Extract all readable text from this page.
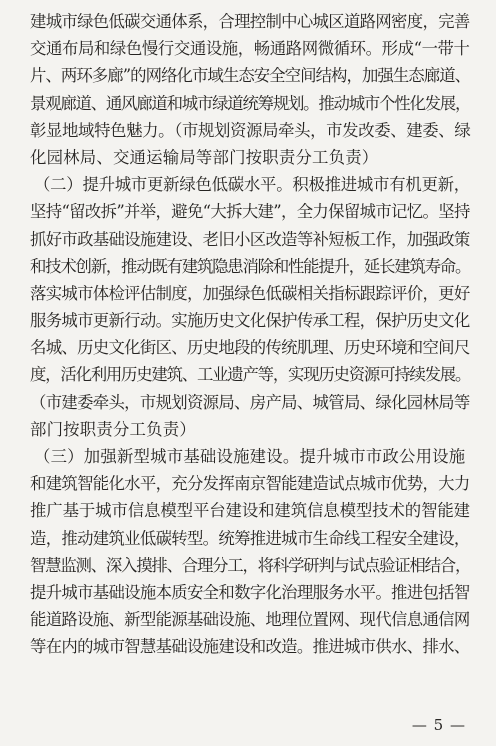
建城市绿色低碳交通体系，合理控制中心城区道路网密度，完善
交通布局和绿色慢行交通设施，畅通路网微循环。形成“一带十
片、两环多廊”的网络化市域生态安全空间结构，加强生态廊道、
景观廊道、通风廊道和城市绿道统筹规划。推动城市个性化发展，
彰显地域特色魅力。（市规划资源局牵头，市发改委、建委、绿
化园林局、交通运输局等部门按职责分工负责）
（二）提升城市更新绿色低碳水平。积极推进城市有机更新，
坚持“留改拆”并举，避免“大拆大建”，全力保留城市记忆。坚持
抓好市政基础设施建设、老旧小区改造等补短板工作，加强政策
和技术创新，推动既有建筑隐患消除和性能提升，延长建筑寿命。
落实城市体检评估制度，加强绿色低碳相关指标跟踪评价，更好
服务城市更新行动。实施历史文化保护传承工程，保护历史文化
名城、历史文化街区、历史地段的传统肌理、历史环境和空间尺
度，活化利用历史建筑、工业遗产等，实现历史资源可持续发展。
（市建委牵头，市规划资源局、房产局、城管局、绿化园林局等
部门按职责分工负责）
（三）加强新型城市基础设施建设。提升城市市政公用设施
和建筑智能化水平，充分发挥南京智能建造试点城市优势，大力
推广基于城市信息模型平台建设和建筑信息模型技术的智能建
造，推动建筑业低碳转型。统筹推进城市生命线工程安全建设，
智慧监测、深入摸排、合理分工，将科学研判与试点验证相结合，
提升城市基础设施本质安全和数字化治理服务水平。推进包括智
能道路设施、新型能源基础设施、地理位置网、现代信息通信网
等在内的城市智慧基础设施建设和改造。推进城市供水、排水、
— 5 —
